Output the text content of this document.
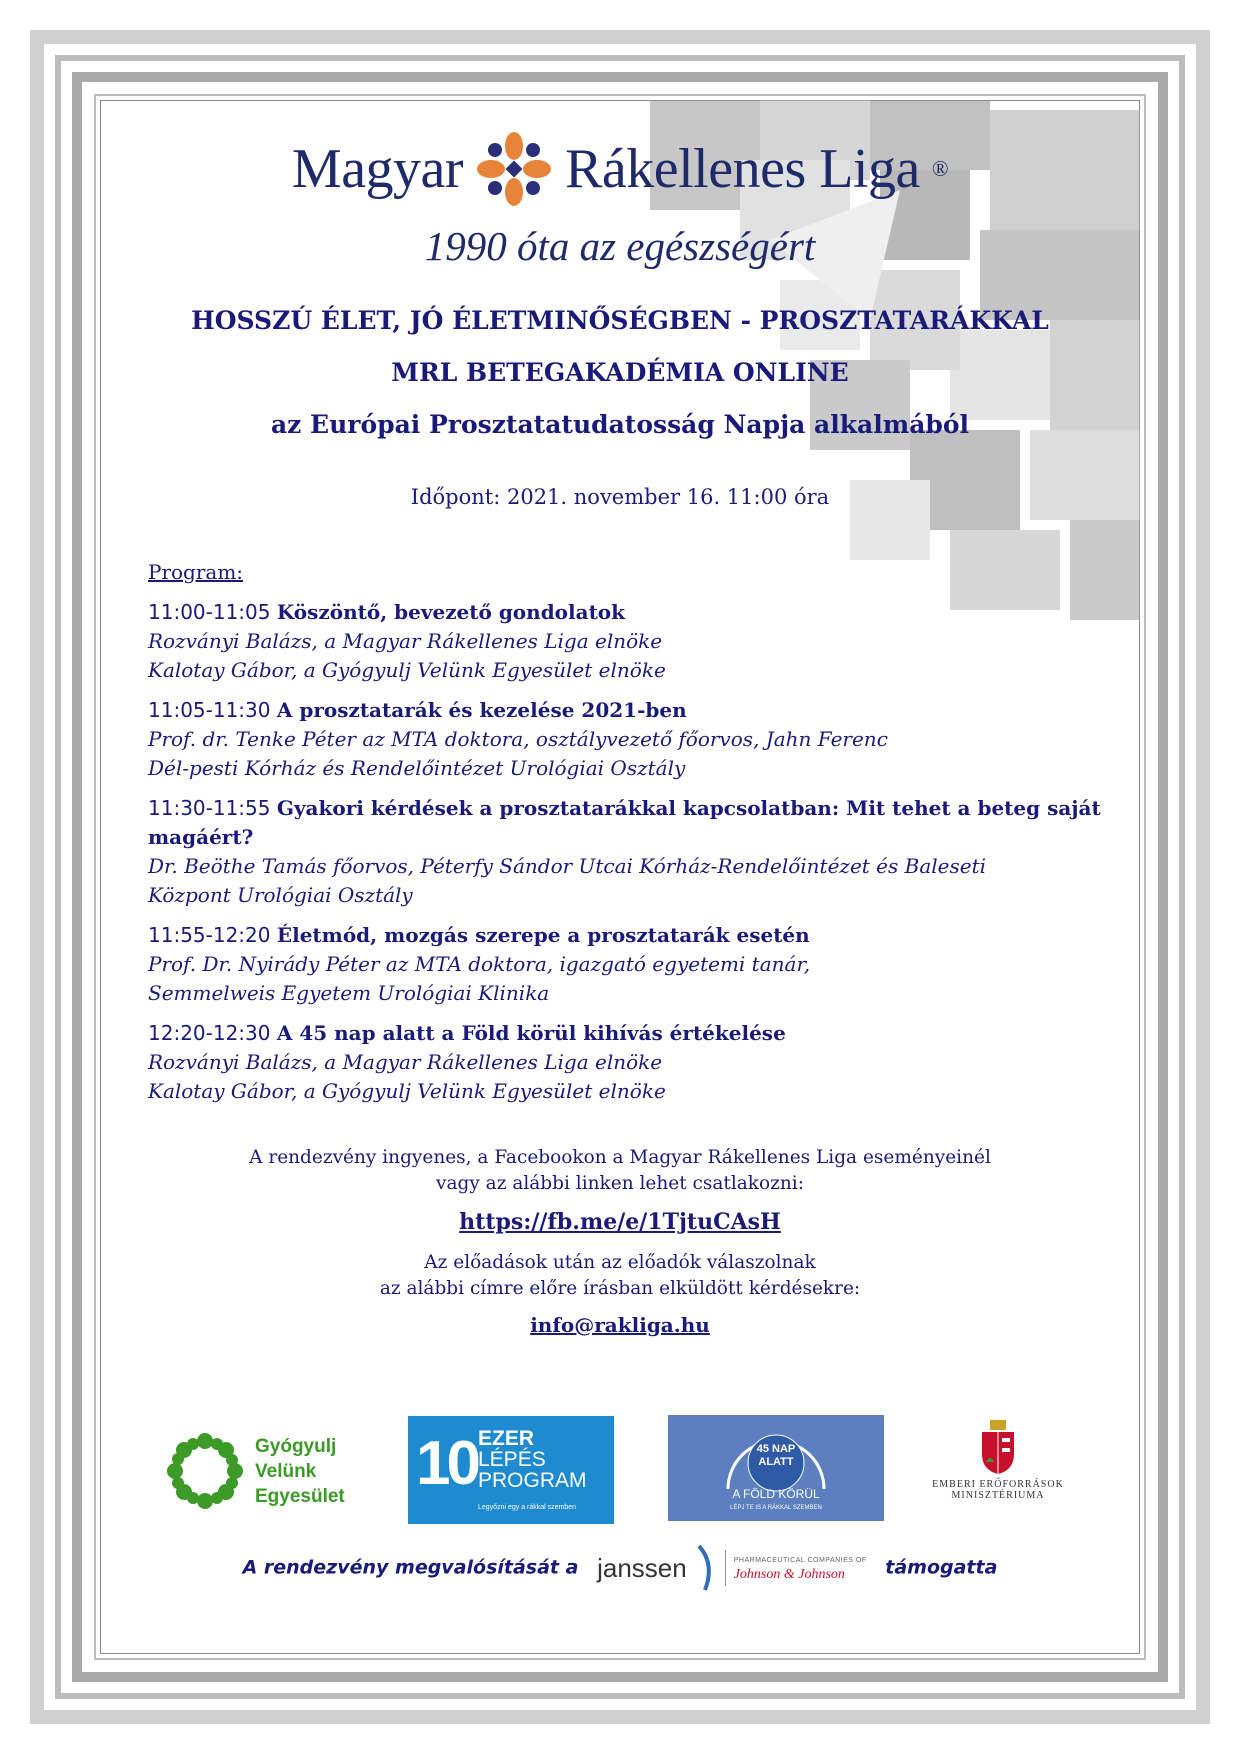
Magyar Rákellenes Liga ®
1990 óta az egészségért
HOSSZÚ ÉLET, JÓ ÉLETMINŐSÉGBEN - PROSZTATARÁKKAL
MRL BETEGAKADÉMIA ONLINE
az Európai Prosztatatudatosság Napja alkalmából
Időpont: 2021. november 16. 11:00 óra
Program:
11:00-11:05 Köszöntő, bevezető gondolatok
Rozványi Balázs, a Magyar Rákellenes Liga elnöke
Kalotay Gábor, a Gyógyulj Velünk Egyesület elnöke
11:05-11:30 A prosztatarák és kezelése 2021-ben
Prof. dr. Tenke Péter az MTA doktora, osztályvezető főorvos, Jahn Ferenc
Dél-pesti Kórház és Rendelőintézet Urológiai Osztály
11:30-11:55 Gyakori kérdések a prosztatarákkal kapcsolatban: Mit tehet a beteg saját magáért?
Dr. Beöthe Tamás főorvos, Péterfy Sándor Utcai Kórház-Rendelőintézet és Baleseti
Központ Urológiai Osztály
11:55-12:20 Életmód, mozgás szerepe a prosztatarák esetén
Prof. Dr. Nyirády Péter az MTA doktora, igazgató egyetemi tanár,
Semmelweis Egyetem Urológiai Klinika
12:20-12:30 A 45 nap alatt a Föld körül kihívás értékelése
Rozványi Balázs, a Magyar Rákellenes Liga elnöke
Kalotay Gábor, a Gyógyulj Velünk Egyesület elnöke
A rendezvény ingyenes, a Facebookon a Magyar Rákellenes Liga eseményeinél
vagy az alábbi linken lehet csatlakozni:
https://fb.me/e/1TjtuCAsH
Az előadások után az előadók válaszolnak
az alábbi címre előre írásban elküldött kérdésekre:
info@rakliga.hu
Gyógyulj
Velünk
Egyesület 10 EZER
LÉPÉS
PROGRAM
Legyőzni egy a rákkal szemben
45 NAP
ALATT
A FÖLD KÖRÜL
LÉPJ TE IS A RÁKKAL SZEMBEN
EMBERI ERŐFORRÁSOK
MINISZTÉRIUMA
A rendezvény megvalósítását a janssen	PHARMACEUTICAL COMPANIES OF
Johnson & Johnson	támogatta
